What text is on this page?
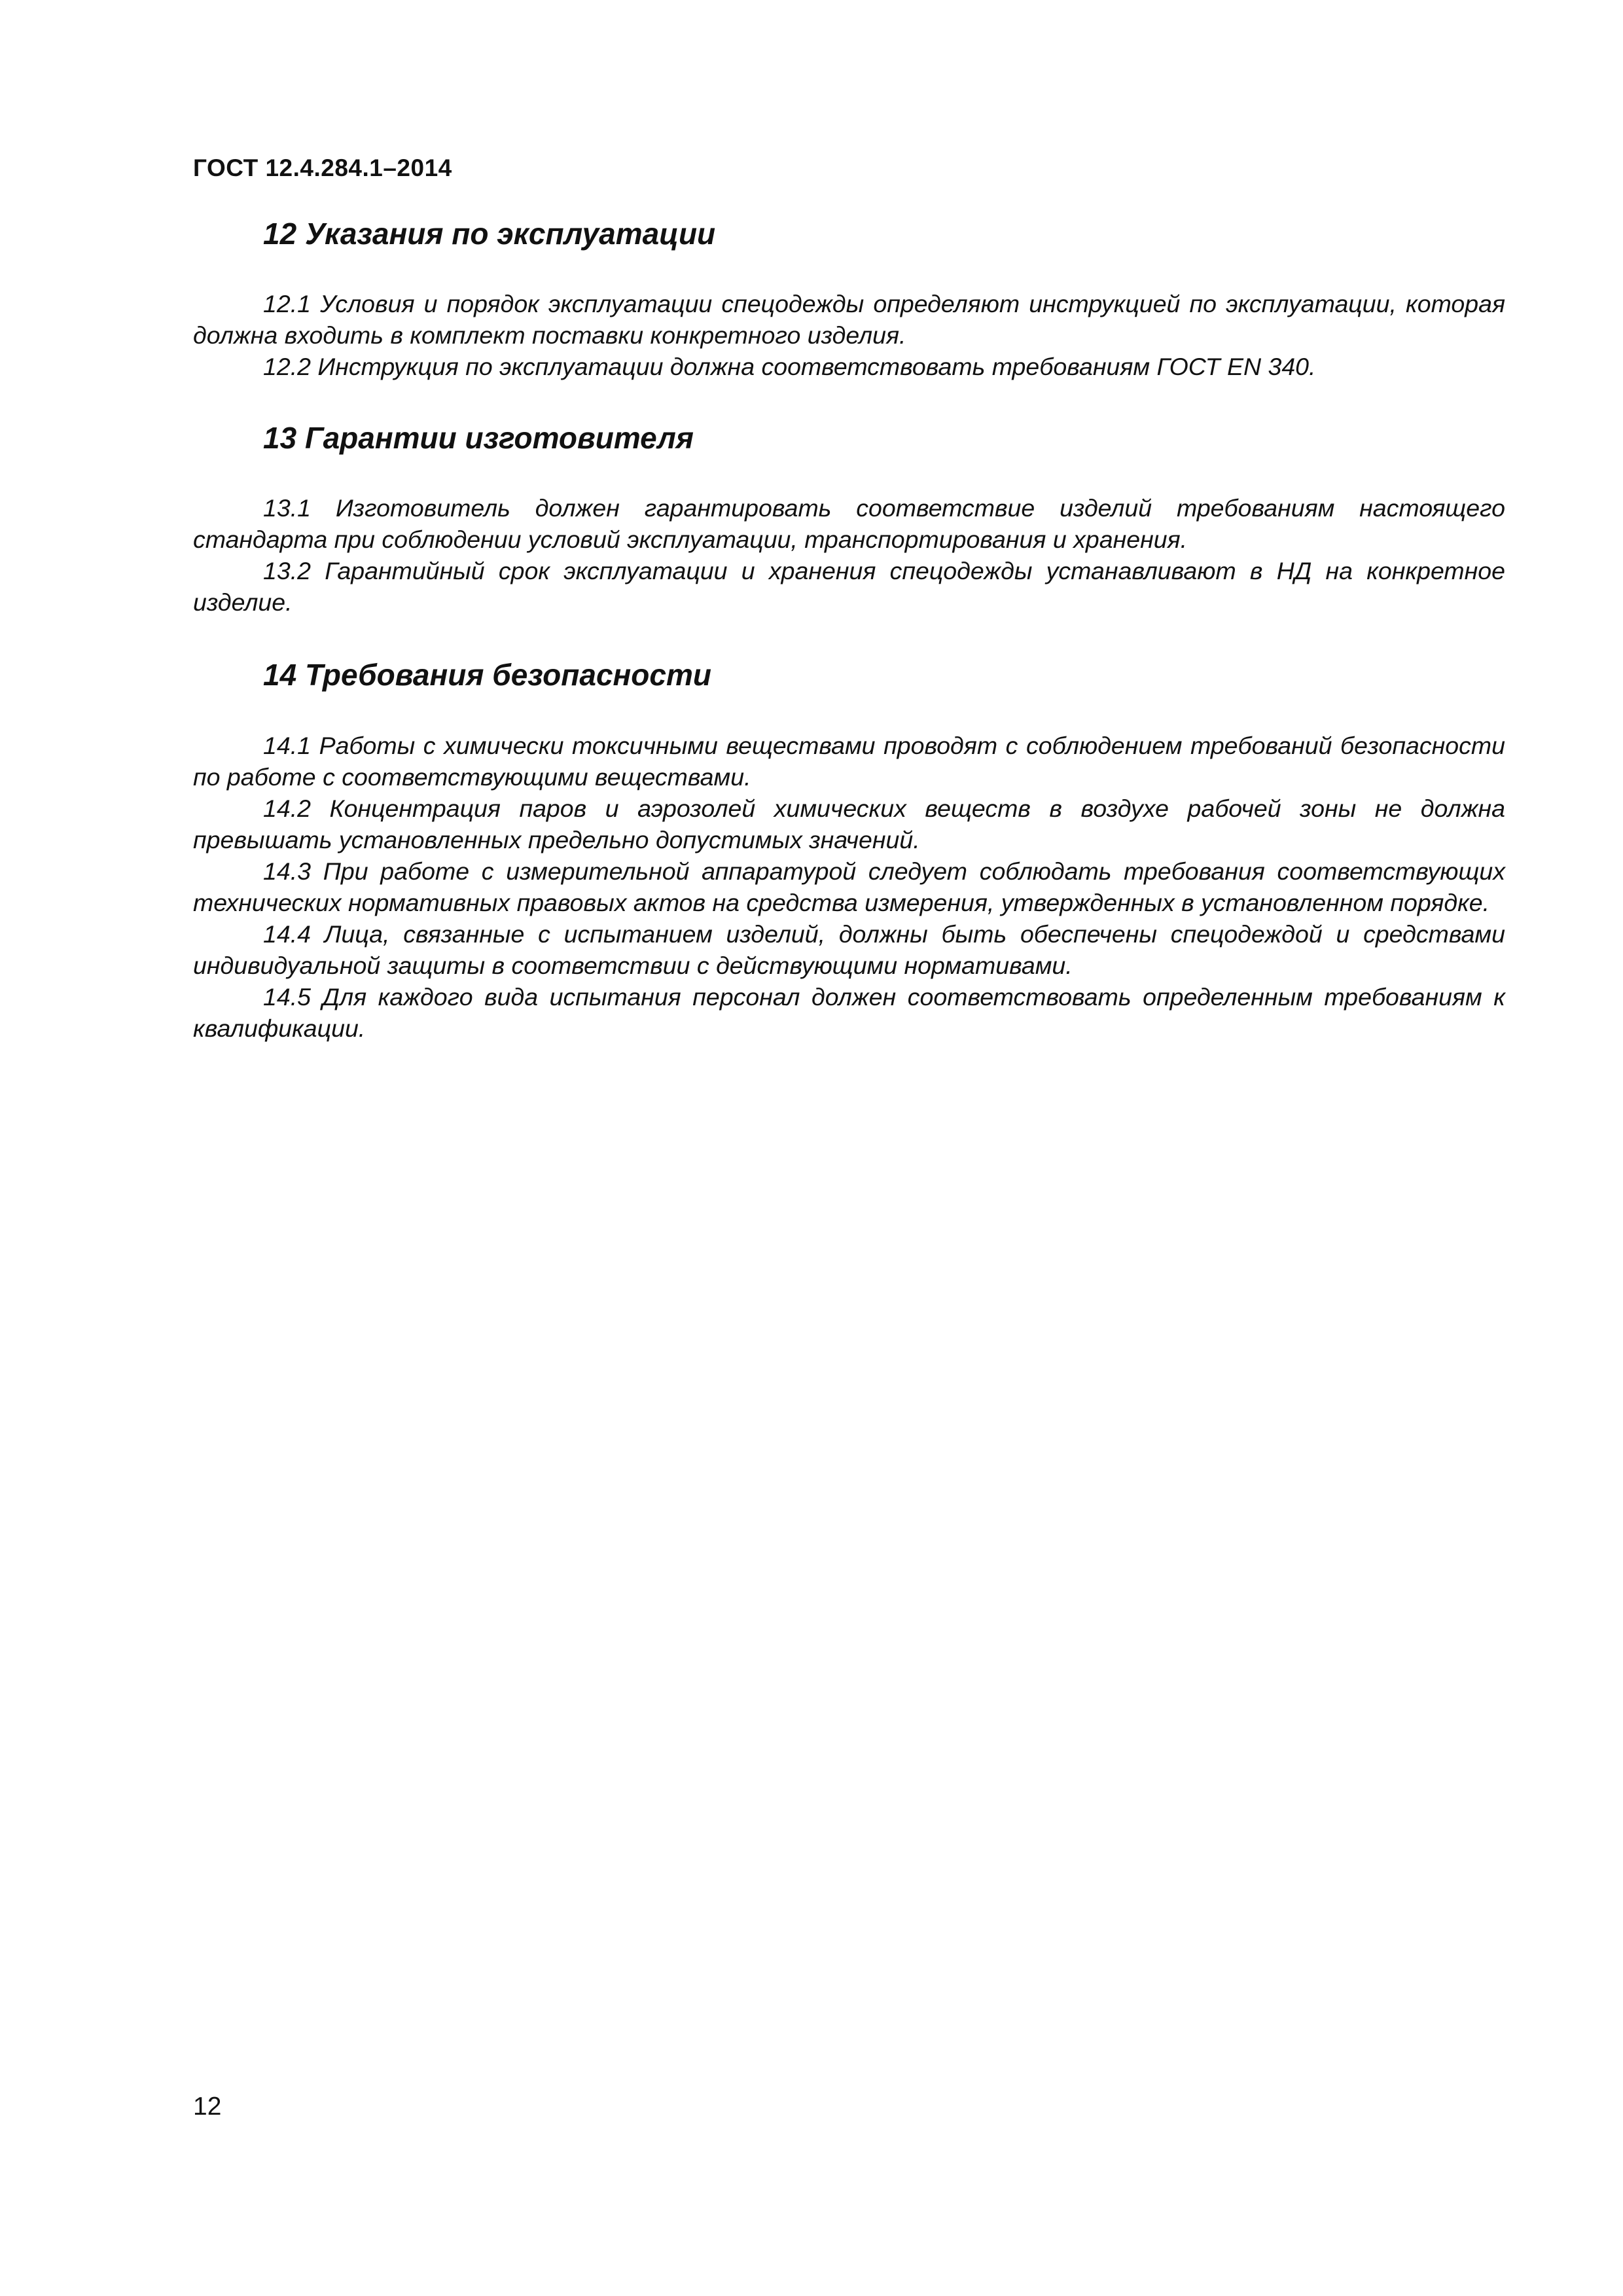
ГОСТ 12.4.284.1–2014
12 Указания по эксплуатации

12.1 Условия и порядок эксплуатации спецодежды определяют инструкцией по эксплуатации, которая должна входить в комплект поставки конкретного изделия.

12.2 Инструкция по эксплуатации должна соответствовать требованиям ГОСТ EN 340.

13 Гарантии изготовителя

13.1 Изготовитель должен гарантировать соответствие изделий требованиям настоящего стандарта при соблюдении условий эксплуатации, транспортирования и хранения.

13.2 Гарантийный срок эксплуатации и хранения спецодежды устанавливают в НД на конкретное изделие.

14 Требования безопасности

14.1 Работы с химически токсичными веществами проводят с соблюдением требований безопасности по работе с соответствующими веществами.

14.2 Концентрация паров и аэрозолей химических веществ в воздухе рабочей зоны не должна превышать установленных предельно допустимых значений.

14.3 При работе с измерительной аппаратурой следует соблюдать требования соответствующих технических нормативных правовых актов на средства измерения, утвержденных в установленном порядке.

14.4 Лица, связанные с испытанием изделий, должны быть обеспечены спецодеждой и средствами индивидуальной защиты в соответствии с действующими нормативами.

14.5 Для каждого вида испытания персонал должен соответствовать определенным требованиям к квалификации.

12
